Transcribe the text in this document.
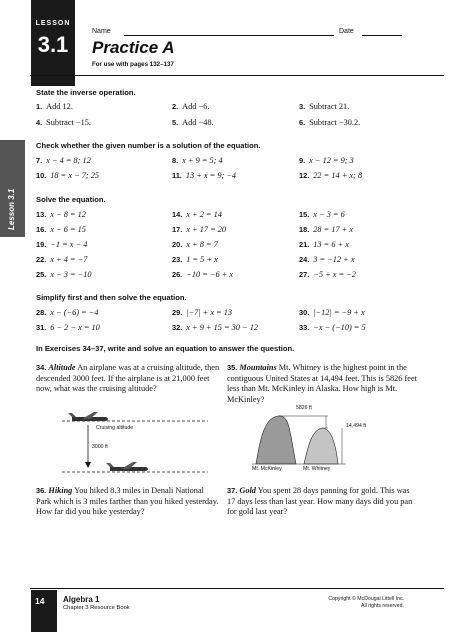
LESSON
3.1
Name	Date
Practice A
For use with pages 132–137
Lesson 3.1
State the inverse operation.
1. Add 12.	2. Add −6.	3. Subtract 21.
4. Subtract −15.	5. Add −48.	6. Subtract −30.2.
Check whether the given number is a solution of the equation.
7. x − 4 = 8; 12	8. x + 9 = 5; 4	9. x − 12 = 9; 3
10. 18 = x − 7; 25	11. 13 + x = 9; −4	12. 22 = 14 + x; 8
Solve the equation.
13. x − 8 = 12	14. x + 2 = 14	15. x − 3 = 6
16. x − 6 = 15	17. x + 17 = 20	18. 28 = 17 + x
19. −1 = x − 4	20. x + 8 = 7	21. 13 = 6 + x
22. x + 4 = −7	23. 1 = 5 + x	24. 3 = −12 + x
25. x − 3 = −10	26. −10 = −6 + x	27. −5 + x = −2
Simplify first and then solve the equation.
28. x − (−6) = −4	29. |−7| + x = 13	30. |−12| = −9 + x
31. 6 − 2 − x = 10	32. x + 9 + 15 = 30 − 12	33. −x − (−10) = 5
In Exercises 34–37, write and solve an equation to answer the question.
34. Altitude An airplane was at a cruising altitude, then descended 3000 feet. If the airplane is at 21,000 feet now, what was the cruising altitude?
35. Mountains Mt. Whitney is the highest point in the contiguous United States at 14,494 feet. This is 5826 feet less than Mt. McKinley in Alaska. How high is Mt. McKinley?
Cruising altitude
3000 ft
5826 ft
14,494 ft
Mt. McKinley	Mt. Whitney
36. Hiking You hiked 8.3 miles in Denali National Park which is 3 miles farther than you hiked yesterday. How far did you hike yesterday?
37. Gold You spent 28 days panning for gold. This was 17 days less than last year. How many days did you pan for gold last year?
14 Algebra 1
Chapter 3 Resource Book
Copyright © McDougal Littell Inc.
All rights reserved.
